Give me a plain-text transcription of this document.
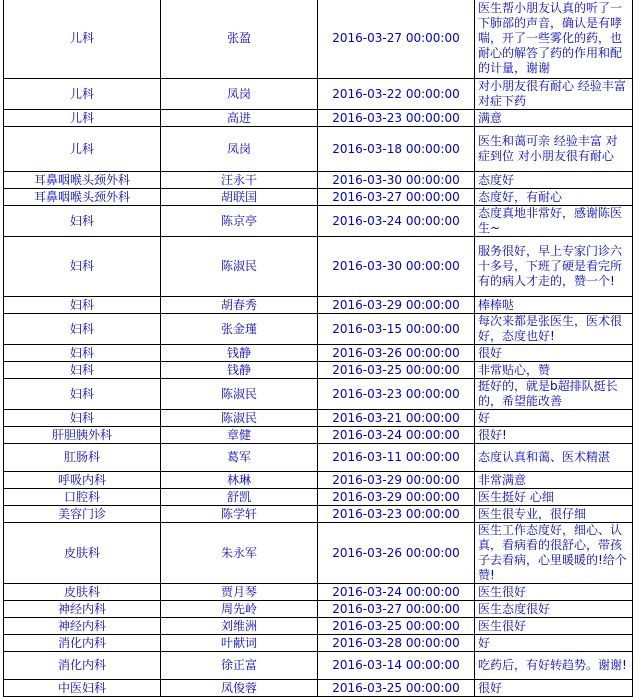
儿科	张盈	2016-03-27 00:00:00	医生帮小朋友认真的听了一下肺部的声音，确认是有哮喘，开了一些雾化的药，也耐心的解答了药的作用和配的计量，谢谢
儿科	凤岗	2016-03-22 00:00:00	对小朋友很有耐心 经验丰富 对症下药
儿科	高进	2016-03-23 00:00:00	满意
儿科	凤岗	2016-03-18 00:00:00	医生和蔼可亲 经验丰富 对症到位 对小朋友很有耐心
耳鼻咽喉头颈外科	汪永干	2016-03-30 00:00:00	态度好
耳鼻咽喉头颈外科	胡联国	2016-03-27 00:00:00	态度好，有耐心
妇科	陈京亭	2016-03-24 00:00:00	态度真地非常好，感谢陈医生~
妇科	陈淑民	2016-03-30 00:00:00	服务很好，早上专家门诊六十多号，下班了硬是看完所有的病人才走的，赞一个!
妇科	胡春秀	2016-03-29 00:00:00	棒棒哒
妇科	张金瑾	2016-03-15 00:00:00	每次来都是张医生，医术很好，态度也好!
妇科	钱静	2016-03-26 00:00:00	很好
妇科	钱静	2016-03-25 00:00:00	非常贴心，赞
妇科	陈淑民	2016-03-23 00:00:00	挺好的，就是b超排队挺长的，希望能改善
妇科	陈淑民	2016-03-21 00:00:00	好
肝胆胰外科	章健	2016-03-24 00:00:00	很好!
肛肠科	葛军	2016-03-11 00:00:00	态度认真和蔼、医术精湛
呼吸内科	林琳	2016-03-29 00:00:00	非常满意
口腔科	舒凯	2016-03-29 00:00:00	医生挺好 心细
美容门诊	陈学轩	2016-03-23 00:00:00	医生很专业，很仔细
皮肤科	朱永军	2016-03-26 00:00:00	医生工作态度好，细心、认真，看病看的很舒心，带孩子去看病，心里暖暖的!给个赞!
皮肤科	贾月琴	2016-03-24 00:00:00	医生很好
神经内科	周先岭	2016-03-27 00:00:00	医生态度很好
神经内科	刘维洲	2016-03-25 00:00:00	医生很好
消化内科	叶献词	2016-03-28 00:00:00	好
消化内科	徐正富	2016-03-14 00:00:00	吃药后，有好转趋势。谢谢!
中医妇科	凤俊蓉	2016-03-25 00:00:00	很好
